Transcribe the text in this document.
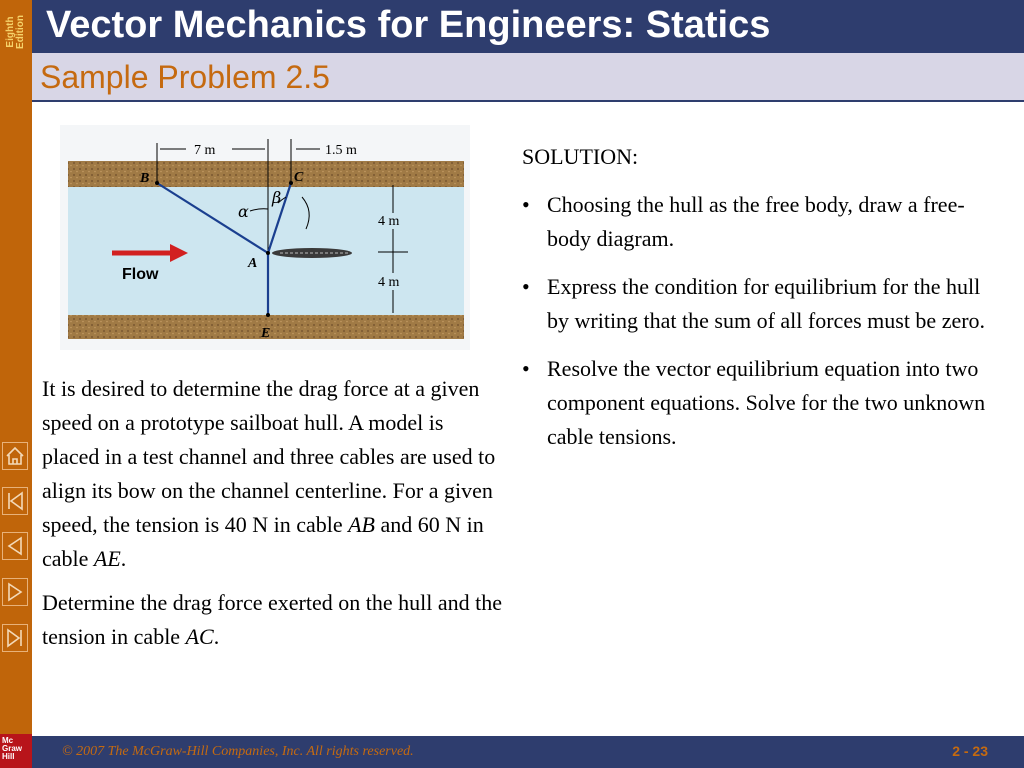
Eighth Edition
Mc Graw Hill
Vector Mechanics for Engineers: Statics
Sample Problem 2.5
7 m	1.5 m
4 m
4 m
B	C
A
E
α
β
Flow

It is desired to determine the drag force at a given speed on a prototype sailboat hull. A model is placed in a test channel and three cables are used to align its bow on the channel centerline. For a given speed, the tension is 40 N in cable AB and 60 N in cable AE.

Determine the drag force exerted on the hull and the tension in cable AC.

SOLUTION:
• Choosing the hull as the free body, draw a free-body diagram.
• Express the condition for equilibrium for the hull by writing that the sum of all forces must be zero.
• Resolve the vector equilibrium equation into two component equations. Solve for the two unknown cable tensions.
© 2007 The McGraw-Hill Companies, Inc. All rights reserved.	2 - 23
